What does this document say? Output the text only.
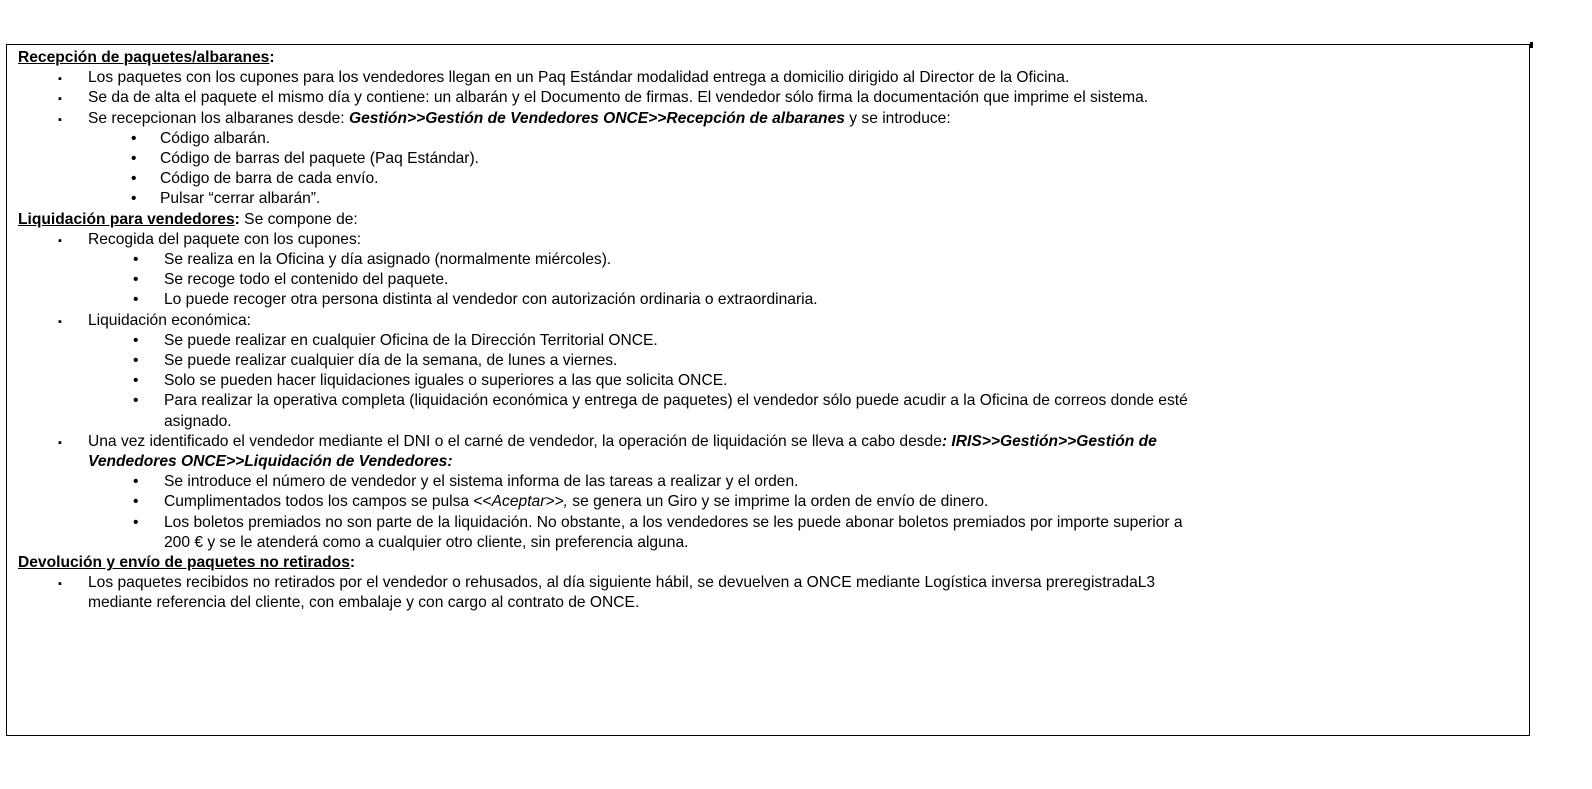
Recepción de paquetes/albaranes:
▪ Los paquetes con los cupones para los vendedores llegan en un Paq Estándar modalidad entrega a domicilio dirigido al Director de la Oficina.
▪ Se da de alta el paquete el mismo día y contiene: un albarán y el Documento de firmas. El vendedor sólo firma la documentación que imprime el sistema.
▪ Se recepcionan los albaranes desde: Gestión>>Gestión de Vendedores ONCE>>Recepción de albaranes y se introduce:
• Código albarán.
• Código de barras del paquete (Paq Estándar).
• Código de barra de cada envío.
• Pulsar “cerrar albarán”.
Liquidación para vendedores: Se compone de:
▪ Recogida del paquete con los cupones:
• Se realiza en la Oficina y día asignado (normalmente miércoles).
• Se recoge todo el contenido del paquete.
• Lo puede recoger otra persona distinta al vendedor con autorización ordinaria o extraordinaria.
▪ Liquidación económica:
• Se puede realizar en cualquier Oficina de la Dirección Territorial ONCE.
• Se puede realizar cualquier día de la semana, de lunes a viernes.
• Solo se pueden hacer liquidaciones iguales o superiores a las que solicita ONCE.
• Para realizar la operativa completa (liquidación económica y entrega de paquetes) el vendedor sólo puede acudir a la Oficina de correos donde esté
asignado.
▪ Una vez identificado el vendedor mediante el DNI o el carné de vendedor, la operación de liquidación se lleva a cabo desde: IRIS>>Gestión>>Gestión de
Vendedores ONCE>>Liquidación de Vendedores:
• Se introduce el número de vendedor y el sistema informa de las tareas a realizar y el orden.
• Cumplimentados todos los campos se pulsa <<Aceptar>>, se genera un Giro y se imprime la orden de envío de dinero.
• Los boletos premiados no son parte de la liquidación. No obstante, a los vendedores se les puede abonar boletos premiados por importe superior a
200 € y se le atenderá como a cualquier otro cliente, sin preferencia alguna.
Devolución y envío de paquetes no retirados:
▪ Los paquetes recibidos no retirados por el vendedor o rehusados, al día siguiente hábil, se devuelven a ONCE mediante Logística inversa preregistradaL3
mediante referencia del cliente, con embalaje y con cargo al contrato de ONCE.
